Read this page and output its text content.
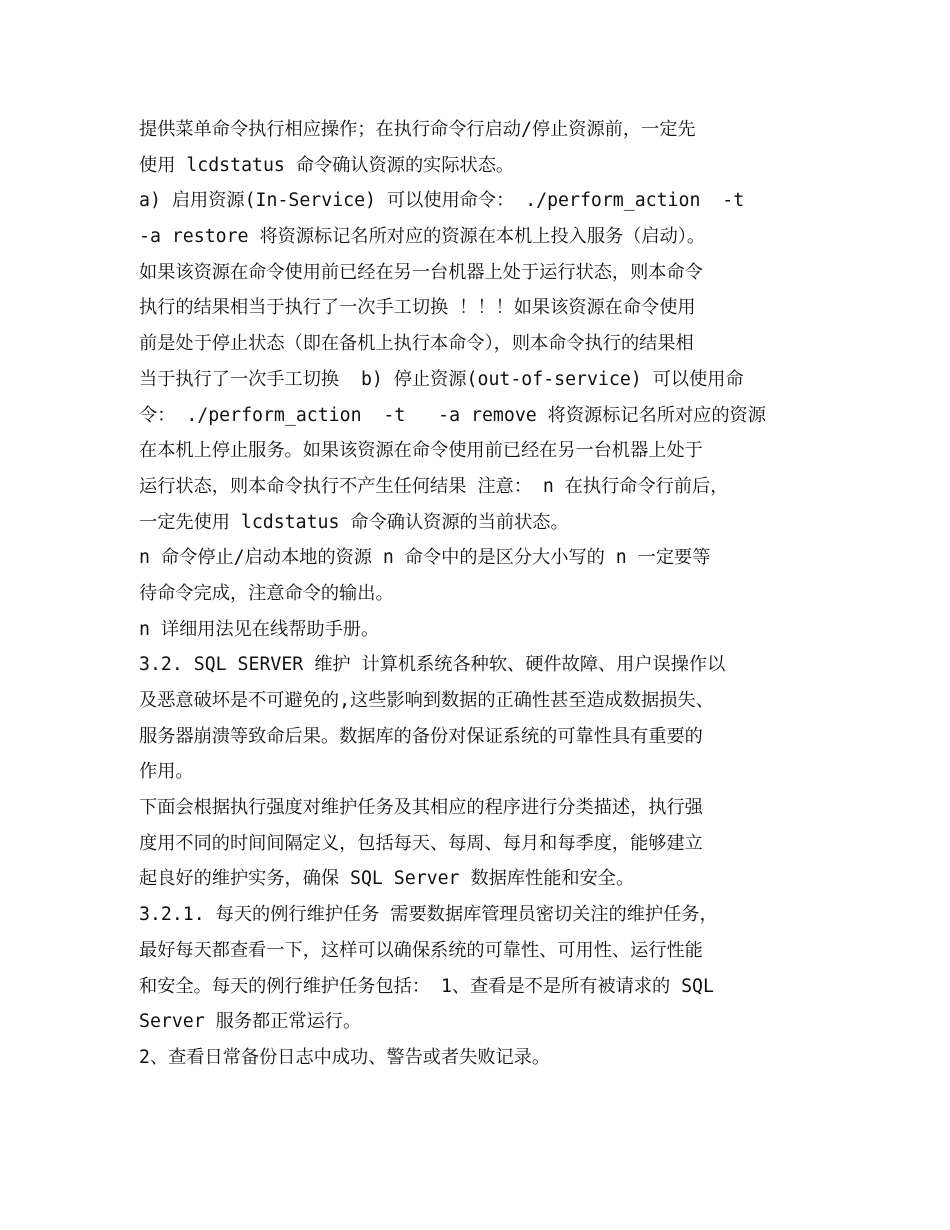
提供菜单命令执行相应操作；在执行命令行启动/停止资源前，一定先
使用 lcdstatus 命令确认资源的实际状态。
a) 启用资源(In-Service) 可以使用命令： ./perform_action  -t
-a restore 将资源标记名所对应的资源在本机上投入服务（启动）。
如果该资源在命令使用前已经在另一台机器上处于运行状态，则本命令
执行的结果相当于执行了一次手工切换 ！！！如果该资源在命令使用
前是处于停止状态（即在备机上执行本命令），则本命令执行的结果相
当于执行了一次手工切换  b) 停止资源(out-of-service) 可以使用命
令： ./perform_action  -t   -a remove 将资源标记名所对应的资源
在本机上停止服务。如果该资源在命令使用前已经在另一台机器上处于
运行状态，则本命令执行不产生任何结果 注意： n 在执行命令行前后，
一定先使用 lcdstatus 命令确认资源的当前状态。
n 命令停止/启动本地的资源 n 命令中的是区分大小写的 n 一定要等
待命令完成，注意命令的输出。
n 详细用法见在线帮助手册。
3.2. SQL SERVER 维护 计算机系统各种软、硬件故障、用户误操作以
及恶意破坏是不可避免的,这些影响到数据的正确性甚至造成数据损失、
服务器崩溃等致命后果。数据库的备份对保证系统的可靠性具有重要的
作用。
下面会根据执行强度对维护任务及其相应的程序进行分类描述，执行强
度用不同的时间间隔定义，包括每天、每周、每月和每季度，能够建立
起良好的维护实务，确保 SQL Server 数据库性能和安全。
3.2.1. 每天的例行维护任务 需要数据库管理员密切关注的维护任务，
最好每天都查看一下，这样可以确保系统的可靠性、可用性、运行性能
和安全。每天的例行维护任务包括： 1、查看是不是所有被请求的 SQL
Server 服务都正常运行。
2、查看日常备份日志中成功、警告或者失败记录。
